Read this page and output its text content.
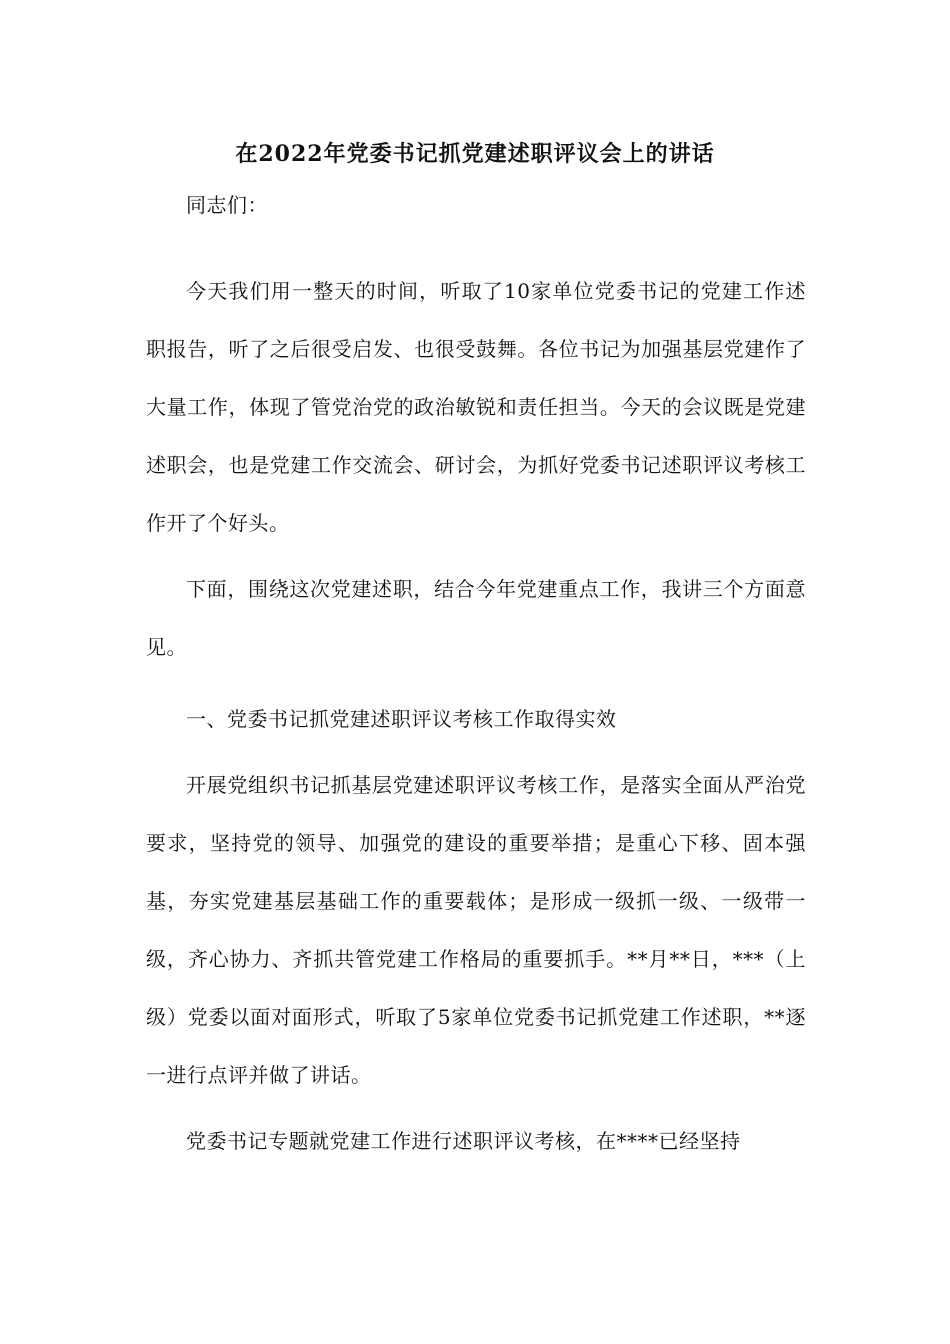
在2022年党委书记抓党建述职评议会上的讲话

同志们：

今天我们用一整天的时间，听取了10家单位党委书记的党建工作述职报告，听了之后很受启发、也很受鼓舞。各位书记为加强基层党建作了大量工作，体现了管党治党的政治敏锐和责任担当。今天的会议既是党建述职会，也是党建工作交流会、研讨会，为抓好党委书记述职评议考核工作开了个好头。

下面，围绕这次党建述职，结合今年党建重点工作，我讲三个方面意见。

一、党委书记抓党建述职评议考核工作取得实效

开展党组织书记抓基层党建述职评议考核工作，是落实全面从严治党要求，坚持党的领导、加强党的建设的重要举措；是重心下移、固本强基，夯实党建基层基础工作的重要载体；是形成一级抓一级、一级带一级，齐心协力、齐抓共管党建工作格局的重要抓手。**月**日，***（上级）党委以面对面形式，听取了5家单位党委书记抓党建工作述职，**逐一进行点评并做了讲话。

党委书记专题就党建工作进行述职评议考核，在****已经坚持
